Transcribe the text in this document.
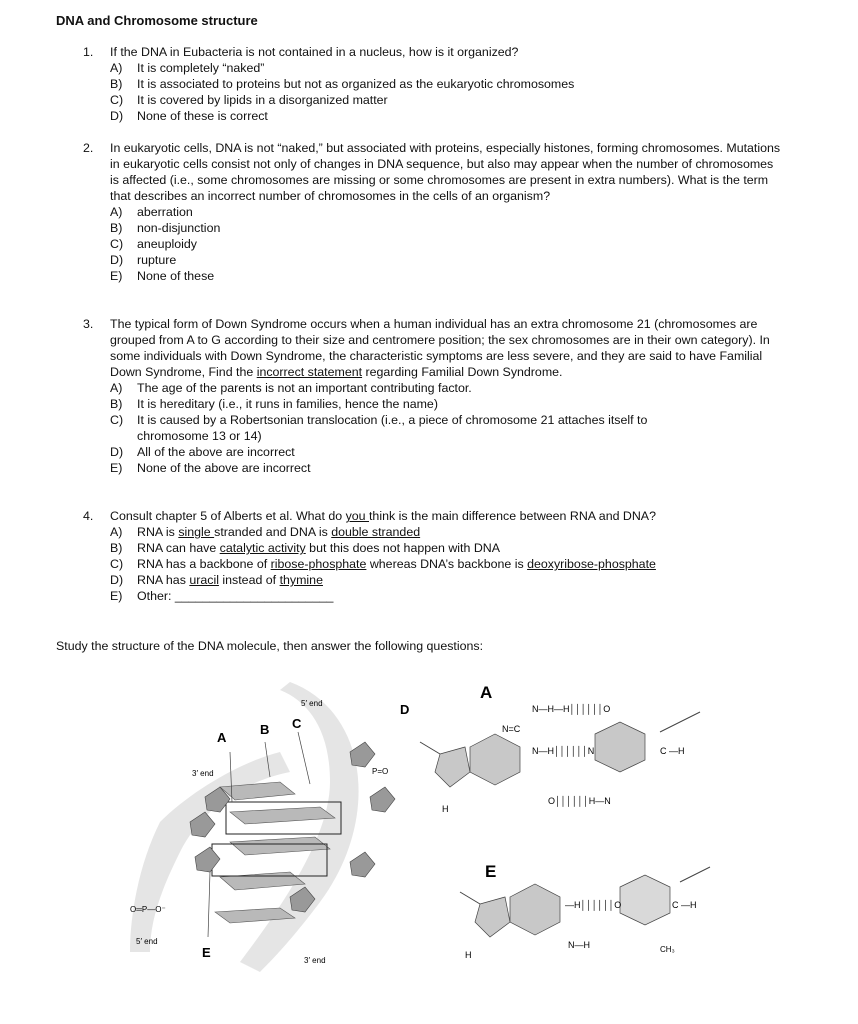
DNA and Chromosome structure
1. If the DNA in Eubacteria is not contained in a nucleus, how is it organized?
A)	It is completely “naked”
B)	It is associated to proteins but not as organized as the eukaryotic chromosomes
C)	It is covered by lipids in a disorganized matter
D)	None of these is correct
2. In eukaryotic cells, DNA is not “naked,” but associated with proteins, especially histones, forming chromosomes. Mutations in eukaryotic cells consist not only of changes in DNA sequence, but also may appear when the number of chromosomes is affected (i.e., some chromosomes are missing or some chromosomes are present in extra numbers). What is the term that describes an incorrect number of chromosomes in the cells of an organism?
A)	aberration
B)	non-disjunction
C)	aneuploidy
D)	rupture
E)	None of these
3. The typical form of Down Syndrome occurs when a human individual has an extra chromosome 21 (chromosomes are grouped from A to G according to their size and centromere position; the sex chromosomes are in their own category). In some individuals with Down Syndrome, the characteristic symptoms are less severe, and they are said to have Familial Down Syndrome, Find the incorrect statement regarding Familial Down Syndrome.
A)	The age of the parents is not an important contributing factor.
B)	It is hereditary (i.e., it runs in families, hence the name)
C)	It is caused by a Robertsonian translocation (i.e., a piece of chromosome 21 attaches itself to chromosome 13 or 14)
D)	All of the above are incorrect
E)	None of the above are incorrect
4. Consult chapter 5 of Alberts et al. What do you think is the main difference between RNA and DNA?
A)	RNA is single stranded and DNA is double stranded
B)	RNA can have catalytic activity but this does not happen with DNA
C)	RNA has a backbone of ribose-phosphate whereas DNA’s backbone is deoxyribose-phosphate
D)	RNA has uracil instead of thymine
E)	Other: _______________________
Study the structure of the DNA molecule, then answer the following questions:
A
B C
D
E
5′ end
3′ end
5′ end
3′ end
P=O
O═P—O⁻
A
N—H—H││││││O
N—H││││││N
O││││││H—N
N=C
C —H
H
E
—H││││││O
N—H
C —H
CH₃
H
